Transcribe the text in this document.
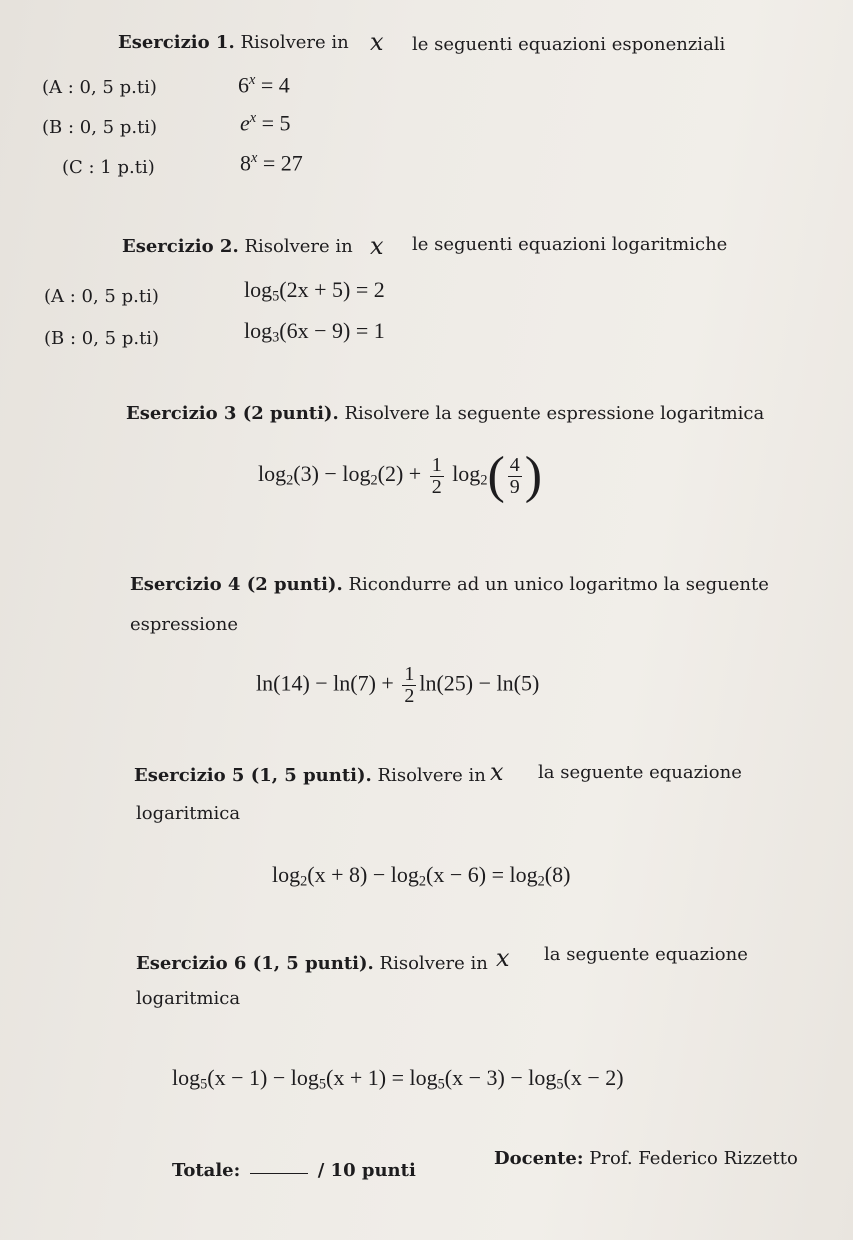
Esercizio 1. Risolvere in x le seguenti equazioni esponenziali
(A : 0, 5 p.ti)	$6^x = 4$
(B : 0, 5 p.ti)	$e^x = 5$
(C : 1 p.ti)	$8^x = 27$
Esercizio 2. Risolvere in x le seguenti equazioni logaritmiche
(A : 0, 5 p.ti)	$\log_5(2x + 5) = 2$
(B : 0, 5 p.ti)	$\log_3(6x - 9) = 1$
Esercizio 3 (2 punti). Risolvere la seguente espressione logaritmica
$\log_2(3) - \log_2(2) + \frac{1}{2} \log_2( \frac{4}{9}$ )
Esercizio 4 (2 punti). Ricondurre ad un unico logaritmo la seguente
espressione
$\ln(14) - \ln(7) + \frac{1}{2} \ln(25) - \ln(5)$
Esercizio 5 (1, 5 punti). Risolvere in x la seguente equazione
logaritmica
$\log_2(x + 8) - \log_2(x - 6) = \log_2(8)$
Esercizio 6 (1, 5 punti). Risolvere in x la seguente equazione
logaritmica
$\log_5(x - 1) - \log_5(x + 1) = \log_5(x - 3) - \log_5(x - 2)$
Totale:	/ 10 punti
Docente: Prof. Federico Rizzetto
